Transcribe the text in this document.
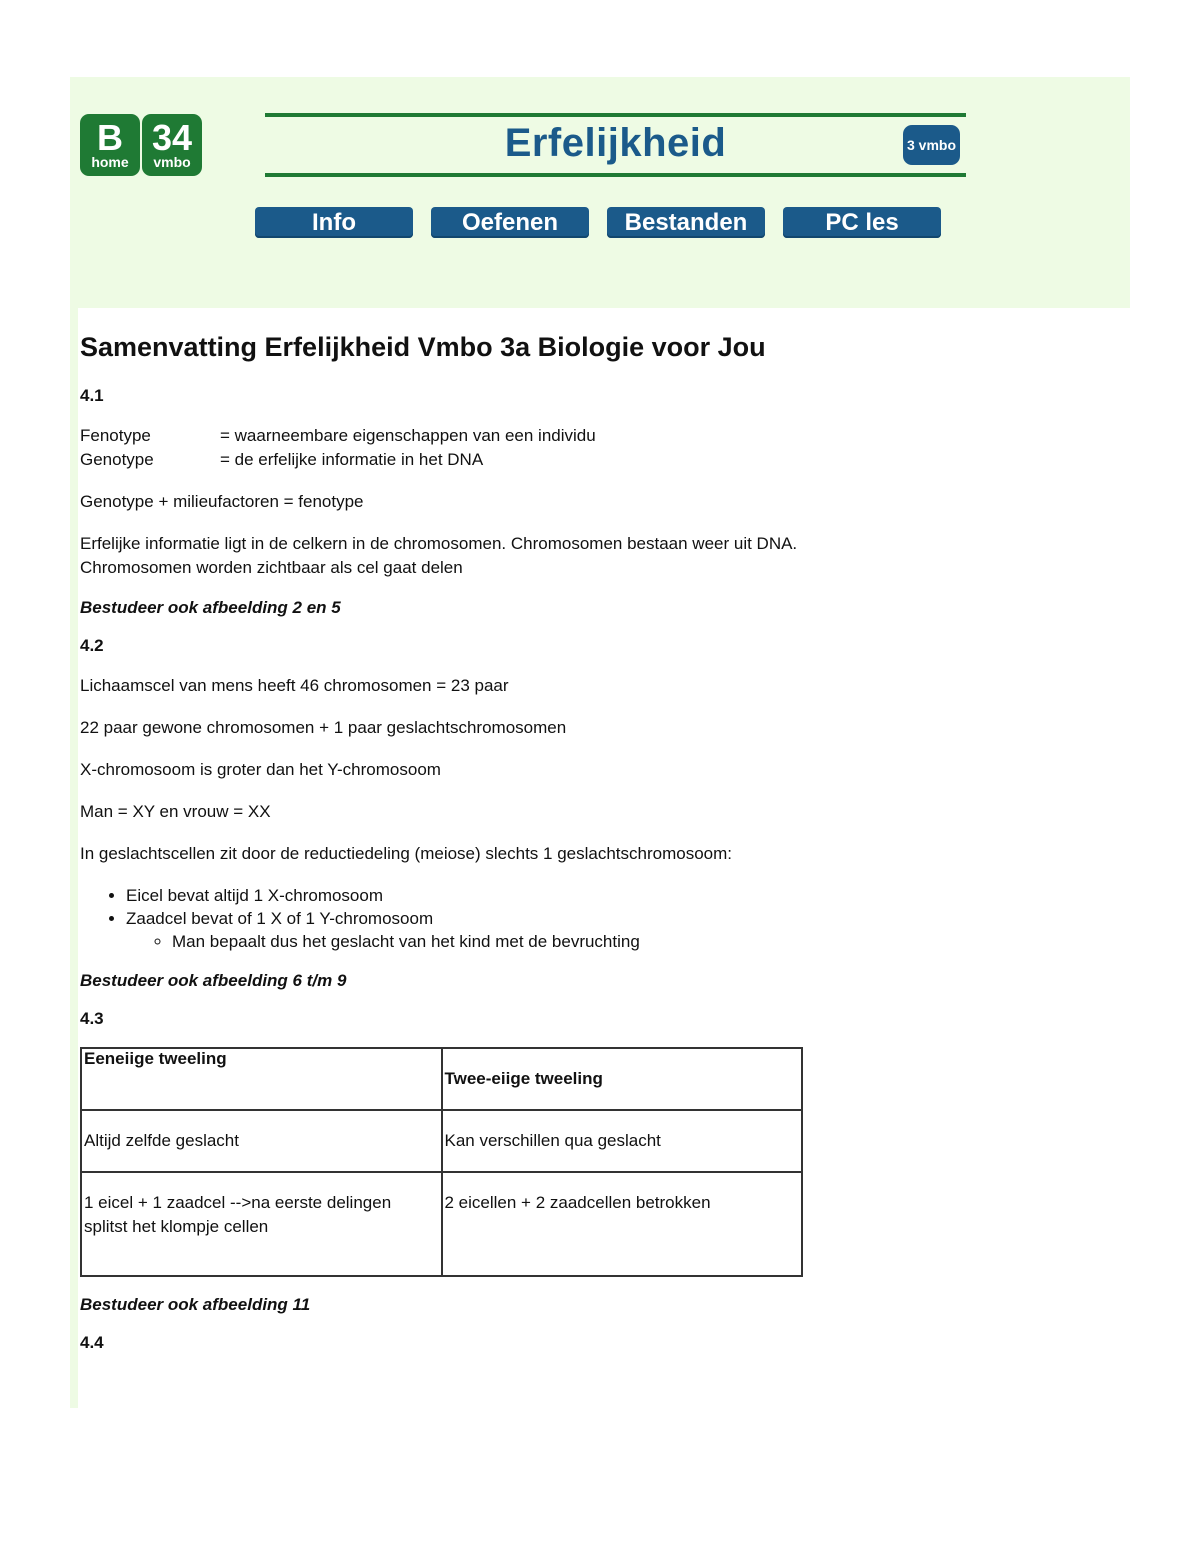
B
home
34
vmbo	Erfelijkheid	3 vmbo
Info	Oefenen	Bestanden	PC les
Samenvatting Erfelijkheid Vmbo 3a Biologie voor Jou
4.1
Fenotype	= waarneembare eigenschappen van een individu
Genotype	= de erfelijke informatie in het DNA

Genotype + milieufactoren = fenotype

Erfelijke informatie ligt in de celkern in de chromosomen. Chromosomen bestaan weer uit DNA.
Chromosomen worden zichtbaar als cel gaat delen

Bestudeer ook afbeelding 2 en 5
4.2

Lichaamscel van mens heeft 46 chromosomen = 23 paar

22 paar gewone chromosomen + 1 paar geslachtschromosomen

X-chromosoom is groter dan het Y-chromosoom

Man = XY en vrouw = XX

In geslachtscellen zit door de reductiedeling (meiose) slechts 1 geslachtschromosoom:

• Eicel bevat altijd 1 X-chromosoom
• Zaadcel bevat of 1 X of 1 Y-chromosoom
◦ Man bepaalt dus het geslacht van het kind met de bevruchting
Bestudeer ook afbeelding 6 t/m 9
4.3
Eeneiige tweeling	Twee-eiige tweeling
Altijd zelfde geslacht	Kan verschillen qua geslacht
1 eicel + 1 zaadcel -->na eerste delingen splitst het klompje cellen	2 eicellen + 2 zaadcellen betrokken
Bestudeer ook afbeelding 11
4.4
